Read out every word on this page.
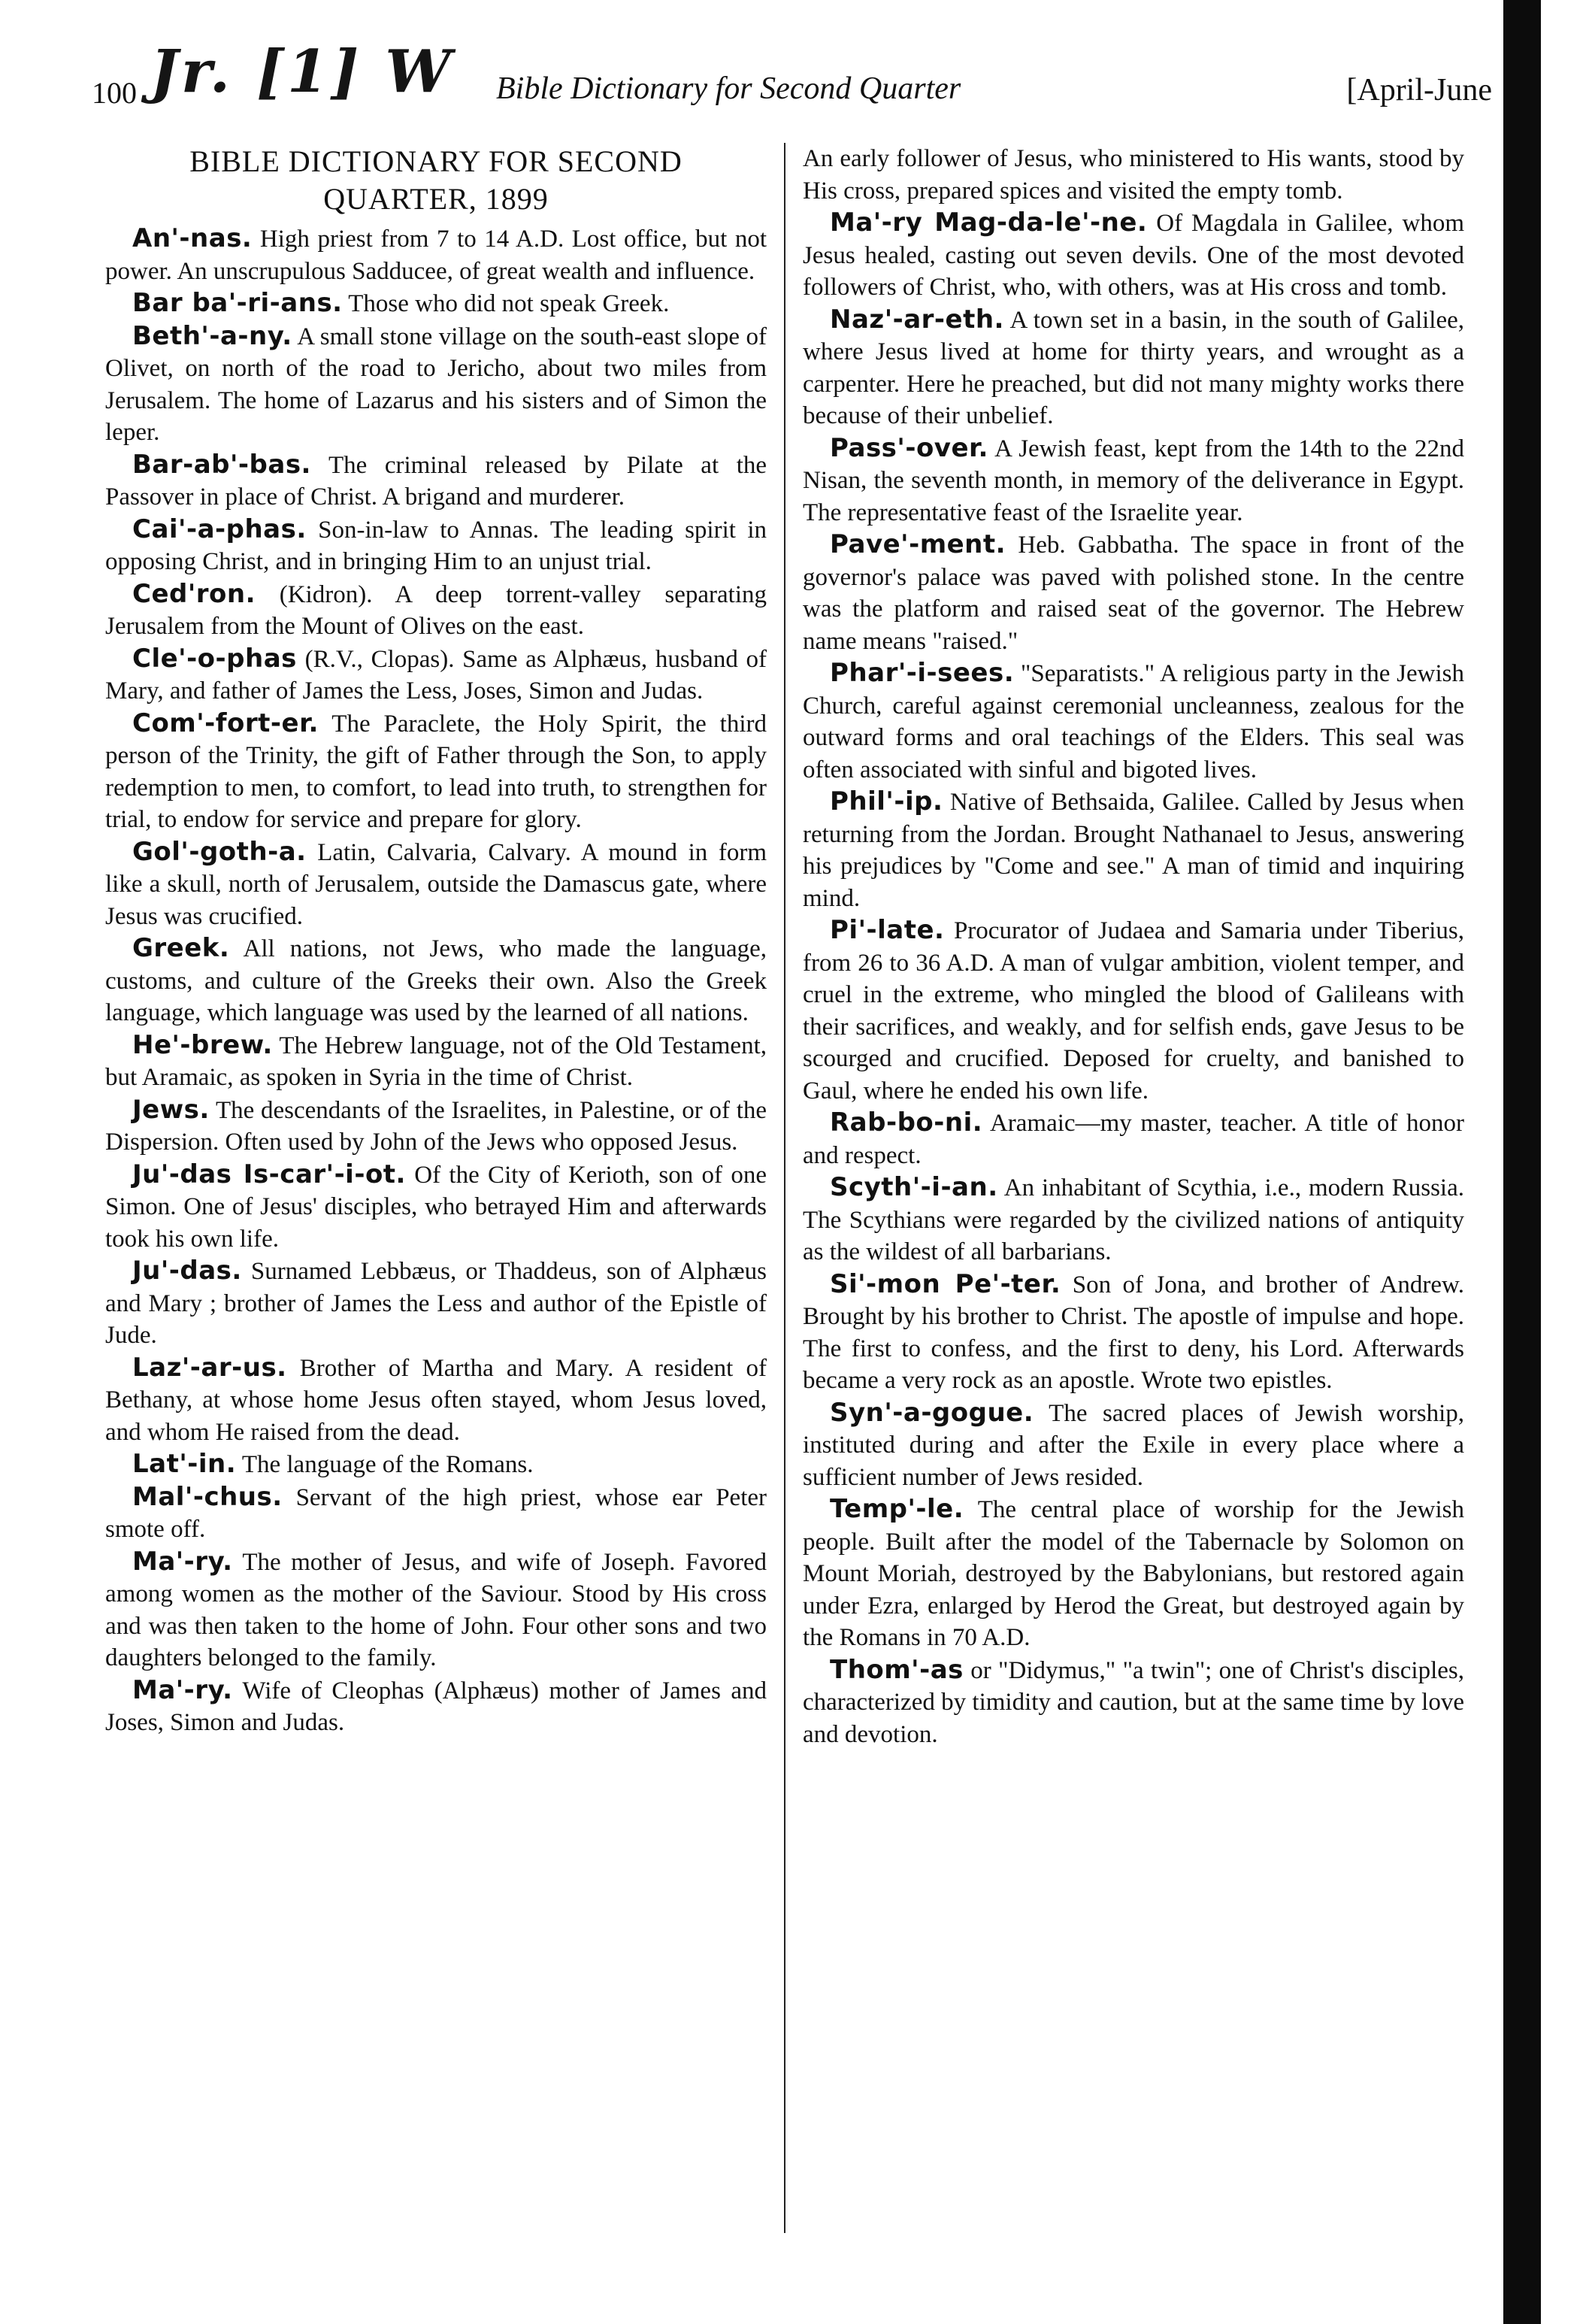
100 Jr. [1] W Bible Dictionary for Second Quarter	[April-June
BIBLE DICTIONARY FOR SECOND
QUARTER, 1899

An'-nas. High priest from 7 to 14 A.D. Lost office, but not power. An unscrupulous Sadducee, of great wealth and influence.

Bar ba'-ri-ans. Those who did not speak Greek.

Beth'-a-ny. A small stone village on the south-east slope of Olivet, on north of the road to Jericho, about two miles from Jerusalem. The home of Lazarus and his sisters and of Simon the leper.

Bar-ab'-bas. The criminal released by Pilate at the Passover in place of Christ. A brigand and murderer.

Cai'-a-phas. Son-in-law to Annas. The leading spirit in opposing Christ, and in bringing Him to an unjust trial.

Ced'ron. (Kidron). A deep torrent-valley separating Jerusalem from the Mount of Olives on the east.

Cle'-o-phas (R.V., Clopas). Same as Alphæus, husband of Mary, and father of James the Less, Joses, Simon and Judas.

Com'-fort-er. The Paraclete, the Holy Spirit, the third person of the Trinity, the gift of Father through the Son, to apply redemption to men, to comfort, to lead into truth, to strengthen for trial, to endow for service and prepare for glory.

Gol'-goth-a. Latin, Calvaria, Calvary. A mound in form like a skull, north of Jerusalem, outside the Damascus gate, where Jesus was crucified.

Greek. All nations, not Jews, who made the language, customs, and culture of the Greeks their own. Also the Greek language, which language was used by the learned of all nations.

He'-brew. The Hebrew language, not of the Old Testament, but Aramaic, as spoken in Syria in the time of Christ.

Jews. The descendants of the Israelites, in Palestine, or of the Dispersion. Often used by John of the Jews who opposed Jesus.

Ju'-das Is-car'-i-ot. Of the City of Kerioth, son of one Simon. One of Jesus' disciples, who betrayed Him and afterwards took his own life.

Ju'-das. Surnamed Lebbæus, or Thaddeus, son of Alphæus and Mary ; brother of James the Less and author of the Epistle of Jude.

Laz'-ar-us. Brother of Martha and Mary. A resident of Bethany, at whose home Jesus often stayed, whom Jesus loved, and whom He raised from the dead.

Lat'-in. The language of the Romans.

Mal'-chus. Servant of the high priest, whose ear Peter smote off.

Ma'-ry. The mother of Jesus, and wife of Joseph. Favored among women as the mother of the Saviour. Stood by His cross and was then taken to the home of John. Four other sons and two daughters belonged to the family.

Ma'-ry. Wife of Cleophas (Alphæus) mother of James and Joses, Simon and Judas.

An early follower of Jesus, who ministered to His wants, stood by His cross, prepared spices and visited the empty tomb.

Ma'-ry Mag-da-le'-ne. Of Magdala in Galilee, whom Jesus healed, casting out seven devils. One of the most devoted followers of Christ, who, with others, was at His cross and tomb.

Naz'-ar-eth. A town set in a basin, in the south of Galilee, where Jesus lived at home for thirty years, and wrought as a carpenter. Here he preached, but did not many mighty works there because of their unbelief.

Pass'-over. A Jewish feast, kept from the 14th to the 22nd Nisan, the seventh month, in memory of the deliverance in Egypt. The representative feast of the Israelite year.

Pave'-ment. Heb. Gabbatha. The space in front of the governor's palace was paved with polished stone. In the centre was the platform and raised seat of the governor. The Hebrew name means "raised."

Phar'-i-sees. "Separatists." A religious party in the Jewish Church, careful against ceremonial uncleanness, zealous for the outward forms and oral teachings of the Elders. This seal was often associated with sinful and bigoted lives.

Phil'-ip. Native of Bethsaida, Galilee. Called by Jesus when returning from the Jordan. Brought Nathanael to Jesus, answering his prejudices by "Come and see." A man of timid and inquiring mind.

Pi'-late. Procurator of Judaea and Samaria under Tiberius, from 26 to 36 A.D. A man of vulgar ambition, violent temper, and cruel in the extreme, who mingled the blood of Galileans with their sacrifices, and weakly, and for selfish ends, gave Jesus to be scourged and crucified. Deposed for cruelty, and banished to Gaul, where he ended his own life.

Rab-bo-ni. Aramaic—my master, teacher. A title of honor and respect.

Scyth'-i-an. An inhabitant of Scythia, i.e., modern Russia. The Scythians were regarded by the civilized nations of antiquity as the wildest of all barbarians.

Si'-mon Pe'-ter. Son of Jona, and brother of Andrew. Brought by his brother to Christ. The apostle of impulse and hope. The first to confess, and the first to deny, his Lord. Afterwards became a very rock as an apostle. Wrote two epistles.

Syn'-a-gogue. The sacred places of Jewish worship, instituted during and after the Exile in every place where a sufficient number of Jews resided.

Temp'-le. The central place of worship for the Jewish people. Built after the model of the Tabernacle by Solomon on Mount Moriah, destroyed by the Babylonians, but restored again under Ezra, enlarged by Herod the Great, but destroyed again by the Romans in 70 A.D.

Thom'-as or "Didymus," "a twin"; one of Christ's disciples, characterized by timidity and caution, but at the same time by love and devotion.
